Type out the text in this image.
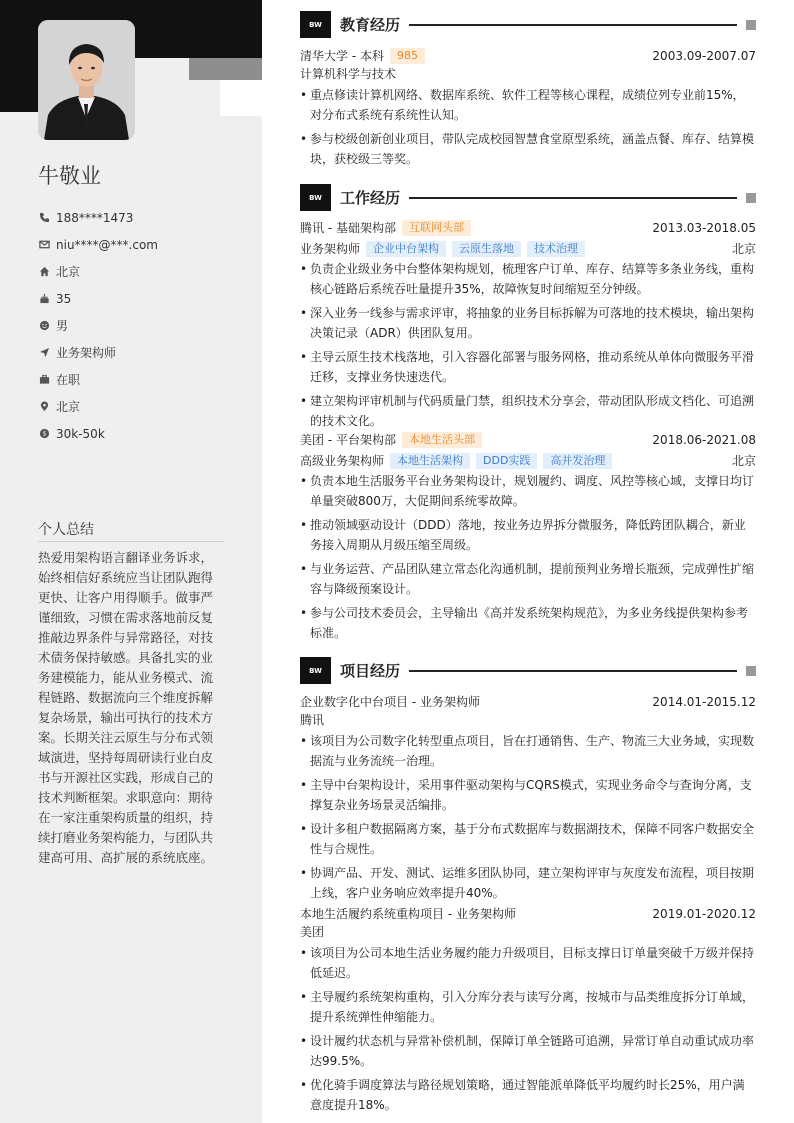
牛敬业
188****1473
niu****@***.com
北京
35
男
业务架构师
在职
北京
$ 30k-50k
个人总结
热爱用架构语言翻译业务诉求，始终相信好系统应当让团队跑得更快、让客户用得顺手。做事严谨细致，习惯在需求落地前反复推敲边界条件与异常路径，对技术债务保持敏感。具备扎实的业务建模能力，能从业务模式、流程链路、数据流向三个维度拆解复杂场景，输出可执行的技术方案。长期关注云原生与分布式领域演进，坚持每周研读行业白皮书与开源社区实践，形成自己的技术判断框架。求职意向：期待在一家注重架构质量的组织，持续打磨业务架构能力，与团队共建高可用、高扩展的系统底座。
BW	教育经历
清华大学 - 本科	985	2003.09-2007.07
计算机科学与技术
• 重点修读计算机网络、数据库系统、软件工程等核心课程，成绩位列专业前15%，对分布式系统有系统性认知。
• 参与校级创新创业项目，带队完成校园智慧食堂原型系统，涵盖点餐、库存、结算模块，获校级三等奖。
BW	工作经历
腾讯 - 基础架构部	互联网头部	2013.03-2018.05
业务架构师	企业中台架构	云原生落地	技术治理	北京
• 负责企业级业务中台整体架构规划，梳理客户订单、库存、结算等多条业务线，重构核心链路后系统吞吐量提升35%，故障恢复时间缩短至分钟级。
• 深入业务一线参与需求评审，将抽象的业务目标拆解为可落地的技术模块，输出架构决策记录（ADR）供团队复用。
• 主导云原生技术栈落地，引入容器化部署与服务网格，推动系统从单体向微服务平滑迁移，支撑业务快速迭代。
• 建立架构评审机制与代码质量门禁，组织技术分享会，带动团队形成文档化、可追溯的技术文化。
美团 - 平台架构部	本地生活头部	2018.06-2021.08
高级业务架构师	本地生活架构	DDD实践	高并发治理	北京
• 负责本地生活服务平台业务架构设计，规划履约、调度、风控等核心域，支撑日均订单量突破800万，大促期间系统零故障。
• 推动领域驱动设计（DDD）落地，按业务边界拆分微服务，降低跨团队耦合，新业务接入周期从月级压缩至周级。
• 与业务运营、产品团队建立常态化沟通机制，提前预判业务增长瓶颈，完成弹性扩缩容与降级预案设计。
• 参与公司技术委员会，主导输出《高并发系统架构规范》，为多业务线提供架构参考标准。
BW	项目经历
企业数字化中台项目 - 业务架构师	2014.01-2015.12
腾讯
• 该项目为公司数字化转型重点项目，旨在打通销售、生产、物流三大业务域，实现数据流与业务流统一治理。
• 主导中台架构设计，采用事件驱动架构与CQRS模式，实现业务命令与查询分离，支撑复杂业务场景灵活编排。
• 设计多租户数据隔离方案，基于分布式数据库与数据湖技术，保障不同客户数据安全性与合规性。
• 协调产品、开发、测试、运维多团队协同，建立架构评审与灰度发布流程，项目按期上线，客户业务响应效率提升40%。
本地生活履约系统重构项目 - 业务架构师	2019.01-2020.12
美团
• 该项目为公司本地生活业务履约能力升级项目，目标支撑日订单量突破千万级并保持低延迟。
• 主导履约系统架构重构，引入分库分表与读写分离，按城市与品类维度拆分订单域，提升系统弹性伸缩能力。
• 设计履约状态机与异常补偿机制，保障订单全链路可追溯，异常订单自动重试成功率达99.5%。
• 优化骑手调度算法与路径规划策略，通过智能派单降低平均履约时长25%，用户满意度提升18%。
